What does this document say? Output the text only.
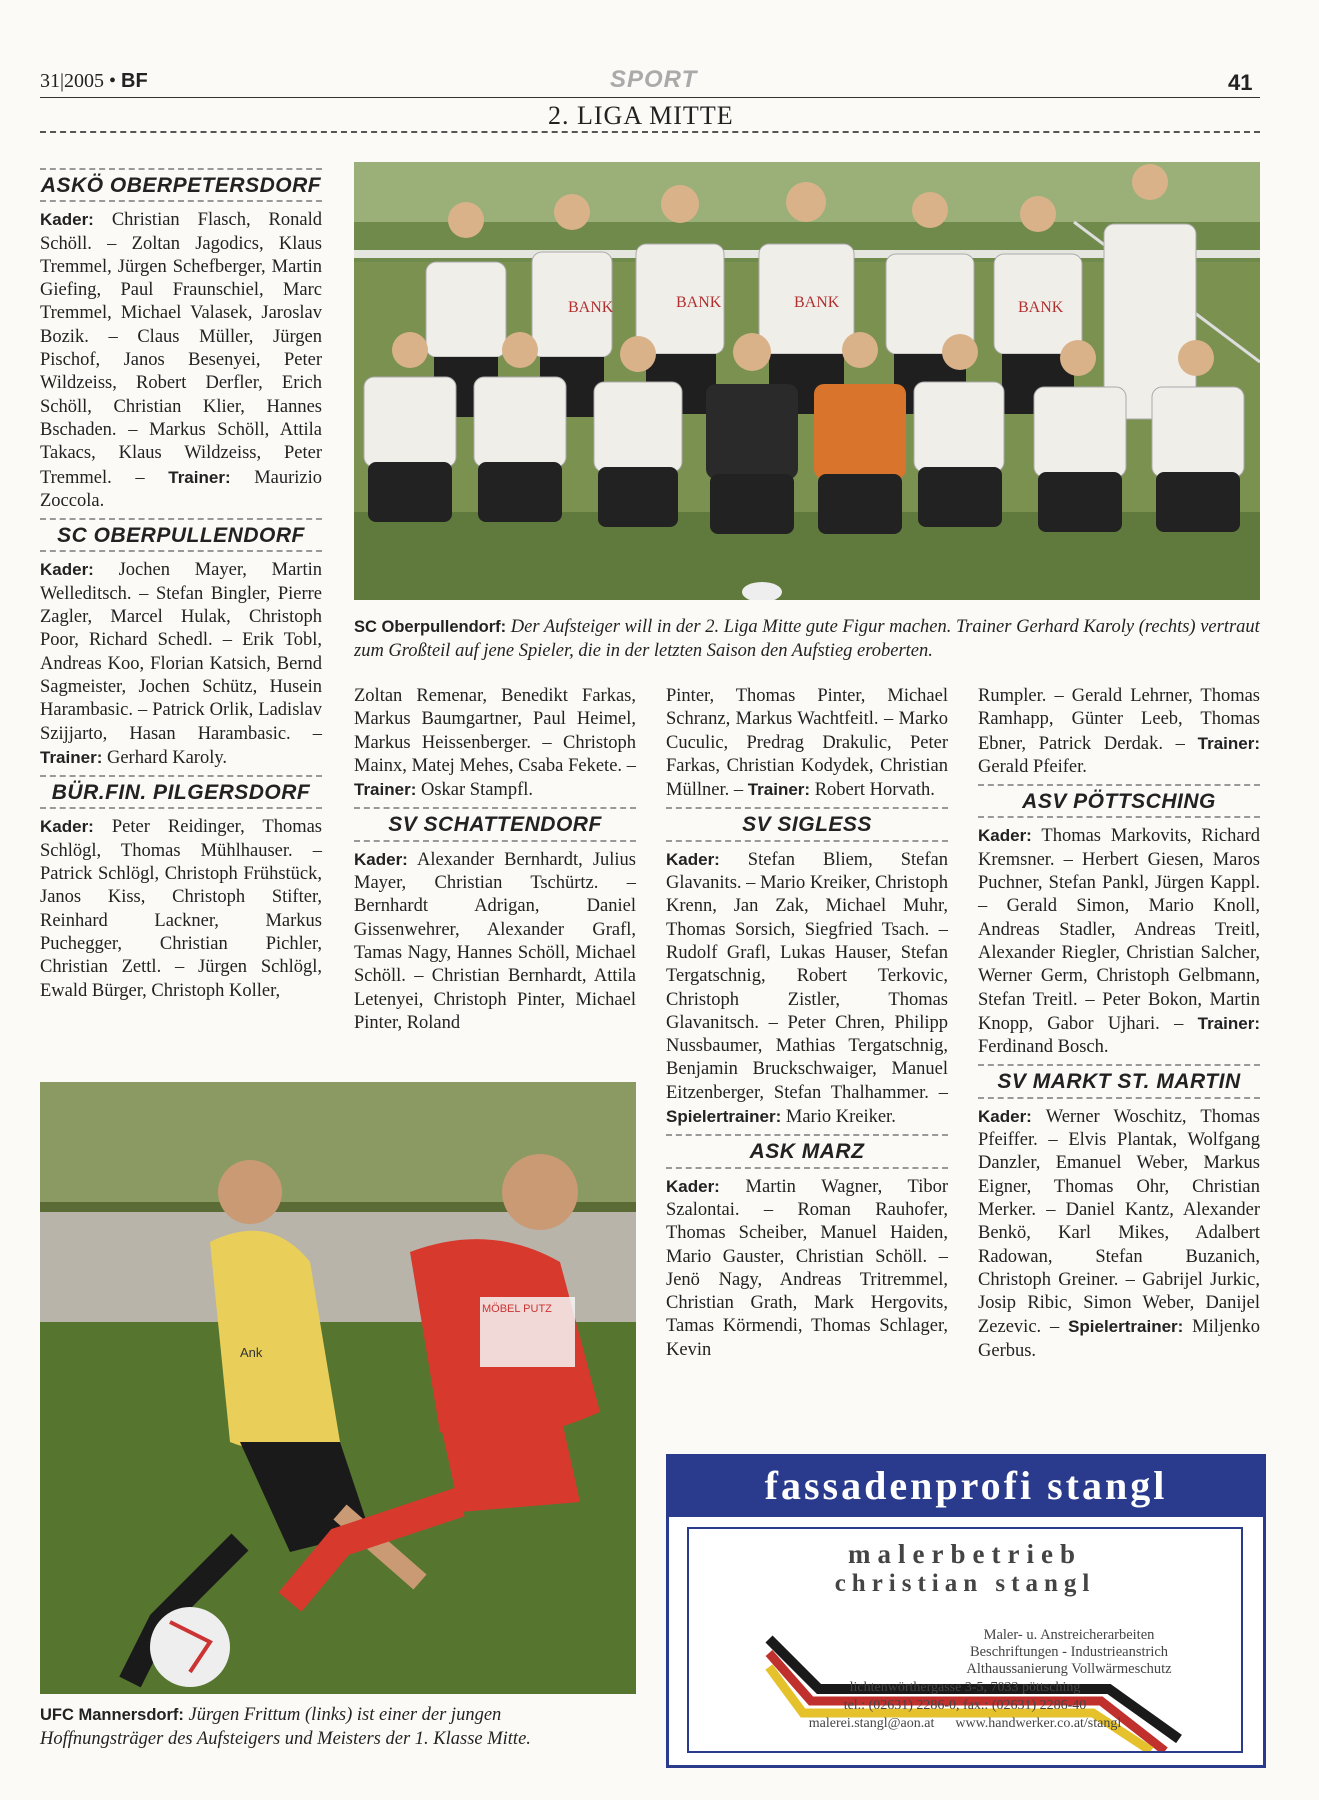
31|2005 • BF	SPORT	41
2. LIGA MITTE
ASKÖ OBERPETERSDORF

Kader: Christian Flasch, Ronald Schöll. – Zoltan Jagodics, Klaus Tremmel, Jürgen Schefberger, Martin Giefing, Paul Fraunschiel, Marc Tremmel, Michael Valasek, Jaroslav Bozik. – Claus Müller, Jürgen Pischof, Janos Besenyei, Peter Wildzeiss, Robert Derfler, Erich Schöll, Christian Klier, Hannes Bschaden. – Markus Schöll, Attila Takacs, Klaus Wildzeiss, Peter Tremmel. – Trainer: Maurizio Zoccola.

SC OBERPULLENDORF

Kader: Jochen Mayer, Martin Welleditsch. – Stefan Bingler, Pierre Zagler, Marcel Hulak, Christoph Poor, Richard Schedl. – Erik Tobl, Andreas Koo, Florian Katsich, Bernd Sagmeister, Jochen Schütz, Husein Harambasic. – Patrick Orlik, Ladislav Szijjarto, Hasan Harambasic. – Trainer: Gerhard Karoly.

BÜR.FIN. PILGERSDORF

Kader: Peter Reidinger, Thomas Schlögl, Thomas Mühlhauser. – Patrick Schlögl, Christoph Frühstück, Janos Kiss, Christoph Stifter, Reinhard Lackner, Markus Puchegger, Christian Pichler, Christian Zettl. – Jürgen Schlögl, Ewald Bürger, Christoph Koller,

BANK	BANK	BANK	BANK
SC Oberpullendorf: Der Aufsteiger will in der 2. Liga Mitte gute Figur machen. Trainer Gerhard Karoly (rechts) vertraut zum Großteil auf jene Spieler, die in der letzten Saison den Aufstieg eroberten.

Zoltan Remenar, Benedikt Farkas, Markus Baumgartner, Paul Heimel, Markus Heissenberger. – Christoph Mainx, Matej Mehes, Csaba Fekete. – Trainer: Oskar Stampfl.

SV SCHATTENDORF

Kader: Alexander Bernhardt, Julius Mayer, Christian Tschürtz. – Bernhardt Adrigan, Daniel Gissenwehrer, Alexander Grafl, Tamas Nagy, Hannes Schöll, Michael Schöll. – Christian Bernhardt, Attila Letenyei, Christoph Pinter, Michael Pinter, Roland

Pinter, Thomas Pinter, Michael Schranz, Markus Wachtfeitl. – Marko Cuculic, Predrag Drakulic, Peter Farkas, Christian Kodydek, Christian Müllner. – Trainer: Robert Horvath.

SV SIGLESS

Kader: Stefan Bliem, Stefan Glavanits. – Mario Kreiker, Christoph Krenn, Jan Zak, Michael Muhr, Thomas Sorsich, Siegfried Tsach. – Rudolf Grafl, Lukas Hauser, Stefan Tergatschnig, Robert Terkovic, Christoph Zistler, Thomas Glavanitsch. – Peter Chren, Philipp Nussbaumer, Mathias Tergatschnig, Benjamin Bruckschwaiger, Manuel Eitzenberger, Stefan Thalhammer. – Spielertrainer: Mario Kreiker.

ASK MARZ

Kader: Martin Wagner, Tibor Szalontai. – Roman Rauhofer, Thomas Scheiber, Manuel Haiden, Mario Gauster, Christian Schöll. – Jenö Nagy, Andreas Tritremmel, Christian Grath, Mark Hergovits, Tamas Körmendi, Thomas Schlager, Kevin

Rumpler. – Gerald Lehrner, Thomas Ramhapp, Günter Leeb, Thomas Ebner, Patrick Derdak. – Trainer: Gerald Pfeifer.

ASV PÖTTSCHING

Kader: Thomas Markovits, Richard Kremsner. – Herbert Giesen, Maros Puchner, Stefan Pankl, Jürgen Kappl. – Gerald Simon, Mario Knoll, Andreas Stadler, Andreas Treitl, Alexander Riegler, Christian Salcher, Werner Germ, Christoph Gelbmann, Stefan Treitl. – Peter Bokon, Martin Knopp, Gabor Ujhari. – Trainer: Ferdinand Bosch.

SV MARKT ST. MARTIN

Kader: Werner Woschitz, Thomas Pfeiffer. – Elvis Plantak, Wolfgang Danzler, Emanuel Weber, Markus Eigner, Thomas Ohr, Christian Merker. – Daniel Kantz, Alexander Benkö, Karl Mikes, Adalbert Radowan, Stefan Buzanich, Christoph Greiner. – Gabrijel Jurkic, Josip Ribic, Simon Weber, Danijel Zezevic. – Spielertrainer: Miljenko Gerbus.

MÖBEL PUTZ
Ank
UFC Mannersdorf: Jürgen Frittum (links) ist einer der jungen Hoffnungsträger des Aufsteigers und Meisters der 1. Klasse Mitte.
fassadenprofi stangl
malerbetrieb
christian stangl
Maler- u. Anstreicherarbeiten
Beschriftungen - Industrieanstrich
Althaussanierung Vollwärmeschutz
lichtenwörthergasse 3-5, 7033 pöttsching
tel.: (02631) 2286-0, fax.: (02631) 2286-40
malerei.stangl@aon.at www.handwerker.co.at/stangl
